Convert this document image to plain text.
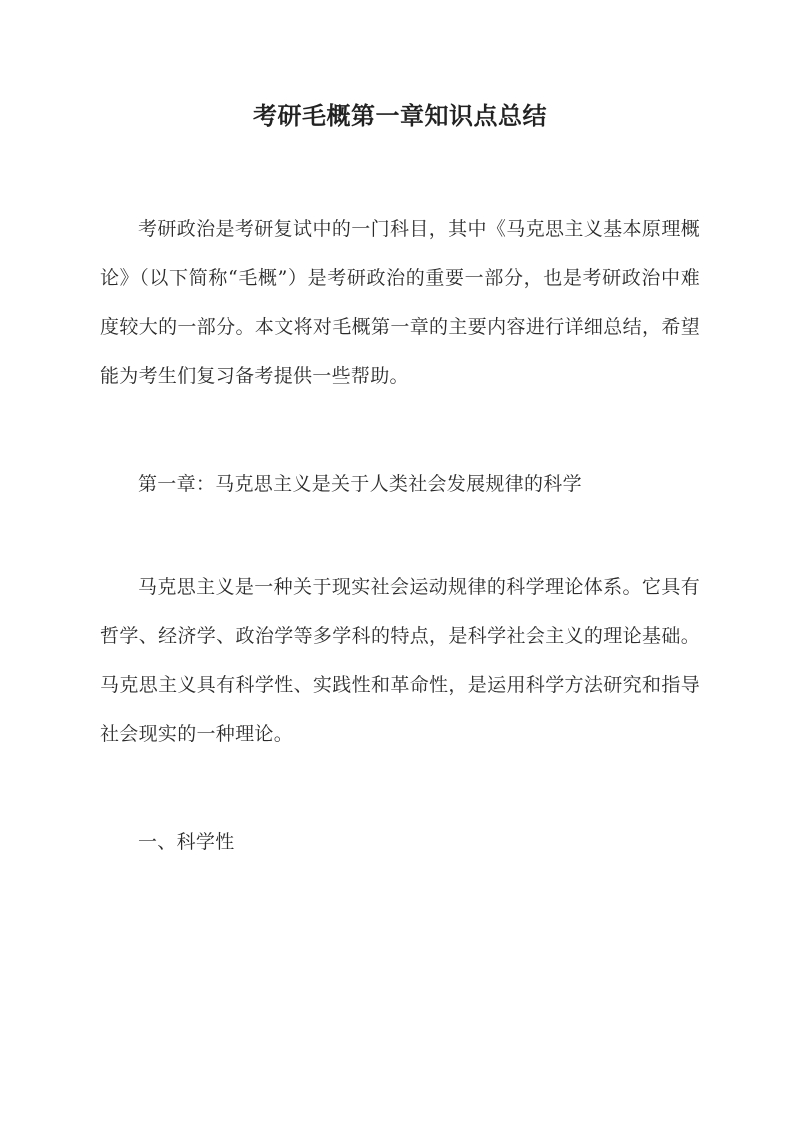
考研毛概第一章知识点总结
考研政治是考研复试中的一门科目，其中《马克思主义基本原理概论》（以下简称“毛概”）是考研政治的重要一部分，也是考研政治中难度较大的一部分。本文将对毛概第一章的主要内容进行详细总结，希望能为考生们复习备考提供一些帮助。
第一章：马克思主义是关于人类社会发展规律的科学
马克思主义是一种关于现实社会运动规律的科学理论体系。它具有哲学、经济学、政治学等多学科的特点，是科学社会主义的理论基础。马克思主义具有科学性、实践性和革命性，是运用科学方法研究和指导社会现实的一种理论。
一、科学性
